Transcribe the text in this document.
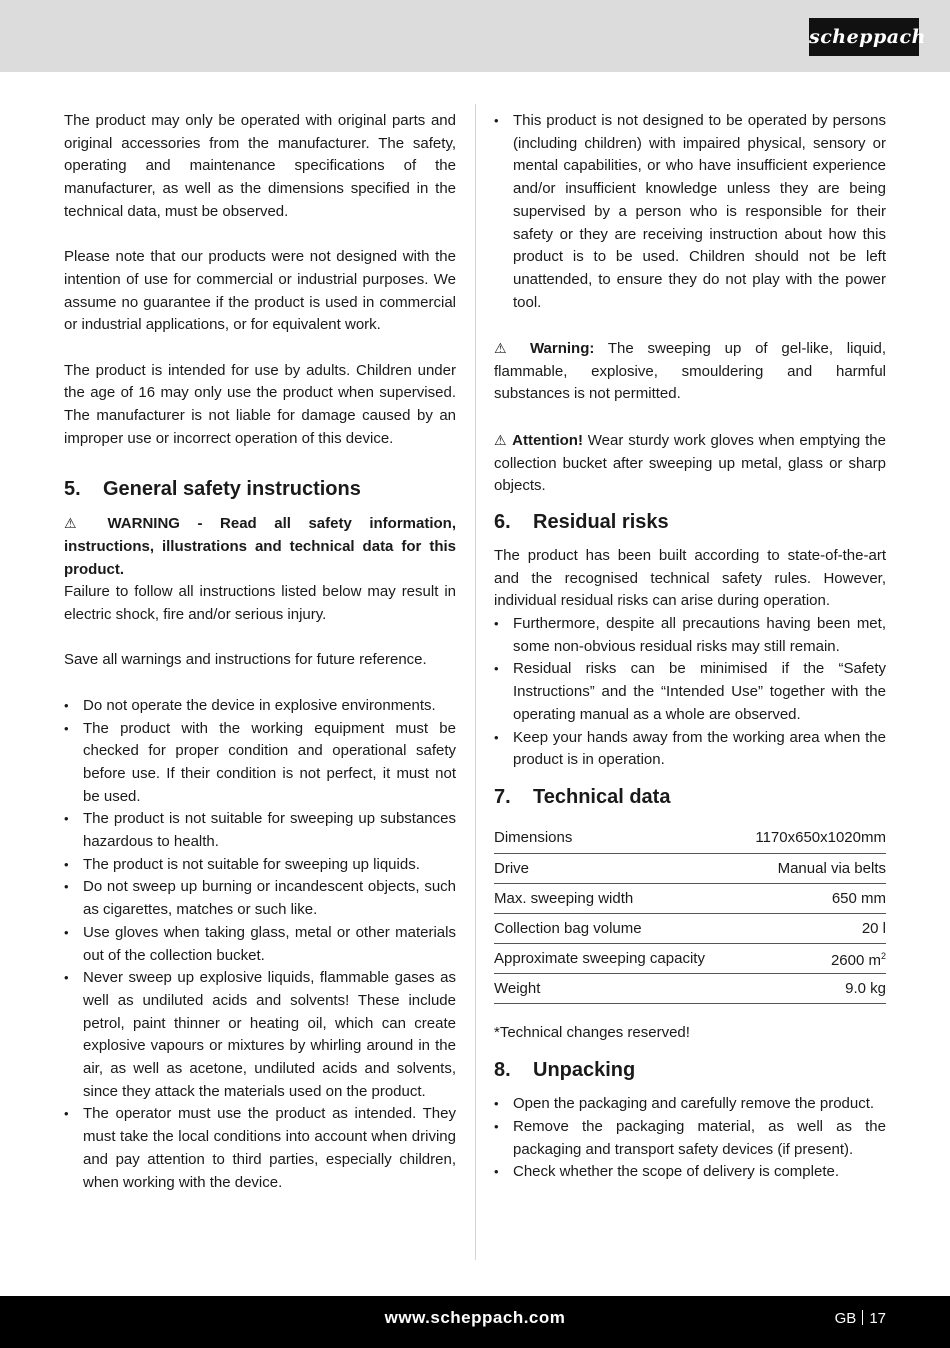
scheppach

The product may only be operated with original parts and original accessories from the manufacturer. The safety, operating and maintenance specifications of the manufacturer, as well as the dimensions specified in the technical data, must be observed.

Please note that our products were not designed with the intention of use for commercial or industrial purposes. We assume no guarantee if the product is used in commercial or industrial applications, or for equivalent work.

The product is intended for use by adults. Children under the age of 16 may only use the product when supervised. The manufacturer is not liable for damage caused by an improper use or incorrect operation of this device.

5.	General safety instructions

⚠ WARNING - Read all safety information, instructions, illustrations and technical data for this product.

Failure to follow all instructions listed below may result in electric shock, fire and/or serious injury.

Save all warnings and instructions for future reference.

• Do not operate the device in explosive environments.
• The product with the working equipment must be checked for proper condition and operational safety before use. If their condition is not perfect, it must not be used.
• The product is not suitable for sweeping up substances hazardous to health.
• The product is not suitable for sweeping up liquids.
• Do not sweep up burning or incandescent objects, such as cigarettes, matches or such like.
• Use gloves when taking glass, metal or other materials out of the collection bucket.
• Never sweep up explosive liquids, flammable gases as well as undiluted acids and solvents! These include petrol, paint thinner or heating oil, which can create explosive vapours or mixtures by whirling around in the air, as well as acetone, undiluted acids and solvents, since they attack the materials used on the product.
• The operator must use the product as intended. They must take the local conditions into account when driving and pay attention to third parties, especially children, when working with the device.
• This product is not designed to be operated by persons (including children) with impaired physical, sensory or mental capabilities, or who have insufficient experience and/or insufficient knowledge unless they are being supervised by a person who is responsible for their safety or they are receiving instruction about how this product is to be used. Children should not be left unattended, to ensure they do not play with the power tool.

⚠ Warning: The sweeping up of gel-like, liquid, flammable, explosive, smouldering and harmful substances is not permitted.

⚠ Attention! Wear sturdy work gloves when emptying the collection bucket after sweeping up metal, glass or sharp objects.

6.	Residual risks

The product has been built according to state-of-the-art and the recognised technical safety rules. However, individual residual risks can arise during operation.

• Furthermore, despite all precautions having been met, some non-obvious residual risks may still remain.
• Residual risks can be minimised if the “Safety Instructions” and the “Intended Use” together with the operating manual as a whole are observed.
• Keep your hands away from the working area when the product is in operation.
7.	Technical data
Dimensions	1170x650x1020mm
Drive	Manual via belts
Max. sweeping width	650 mm
Collection bag volume	20 l
Approximate sweeping capacity	2600 $m^2$
Weight	9.0 kg

*Technical changes reserved!

8.	Unpacking
• Open the packaging and carefully remove the product.
• Remove the packaging material, as well as the packaging and transport safety devices (if present).
• Check whether the scope of delivery is complete.
www.scheppach.com	GB 17
